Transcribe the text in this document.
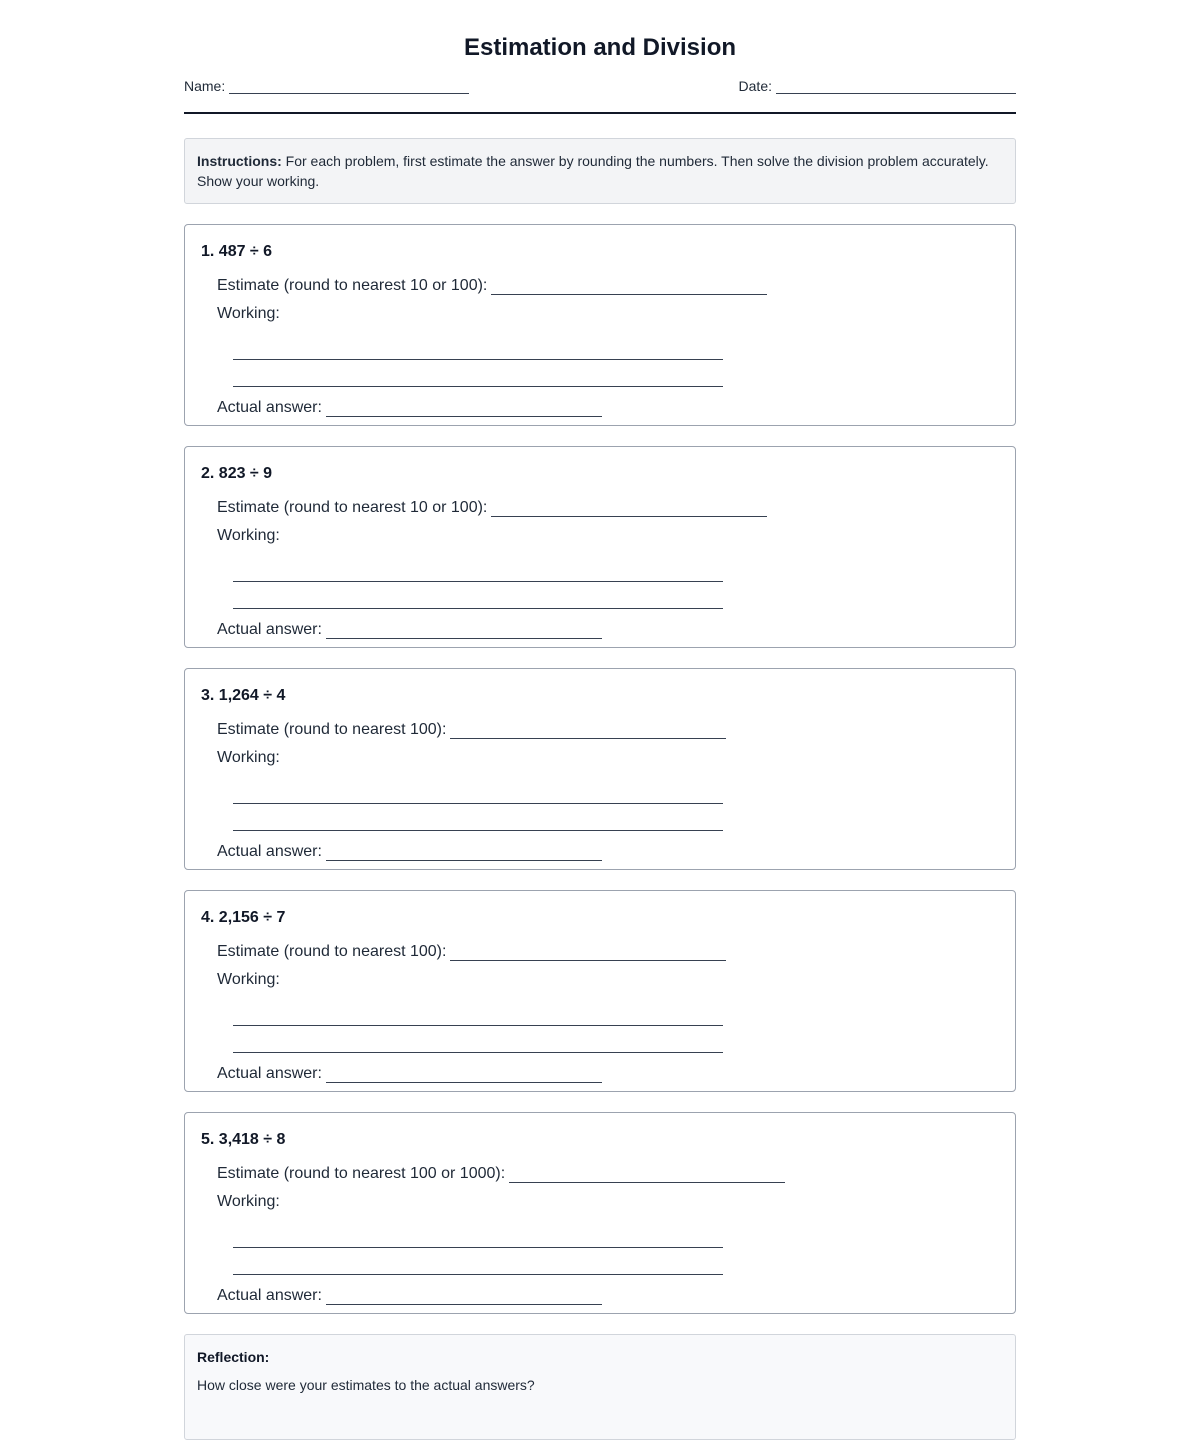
Estimation and Division
Name:	Date:
Instructions: For each problem, first estimate the answer by rounding the numbers. Then solve the division problem accurately. Show your working.
1. 487 ÷ 6
Estimate (round to nearest 10 or 100):
Working:
Actual answer:
2. 823 ÷ 9
Estimate (round to nearest 10 or 100):
Working:
Actual answer:
3. 1,264 ÷ 4
Estimate (round to nearest 100):
Working:
Actual answer:
4. 2,156 ÷ 7
Estimate (round to nearest 100):
Working:
Actual answer:
5. 3,418 ÷ 8
Estimate (round to nearest 100 or 1000):
Working:
Actual answer:
Reflection:
How close were your estimates to the actual answers?
